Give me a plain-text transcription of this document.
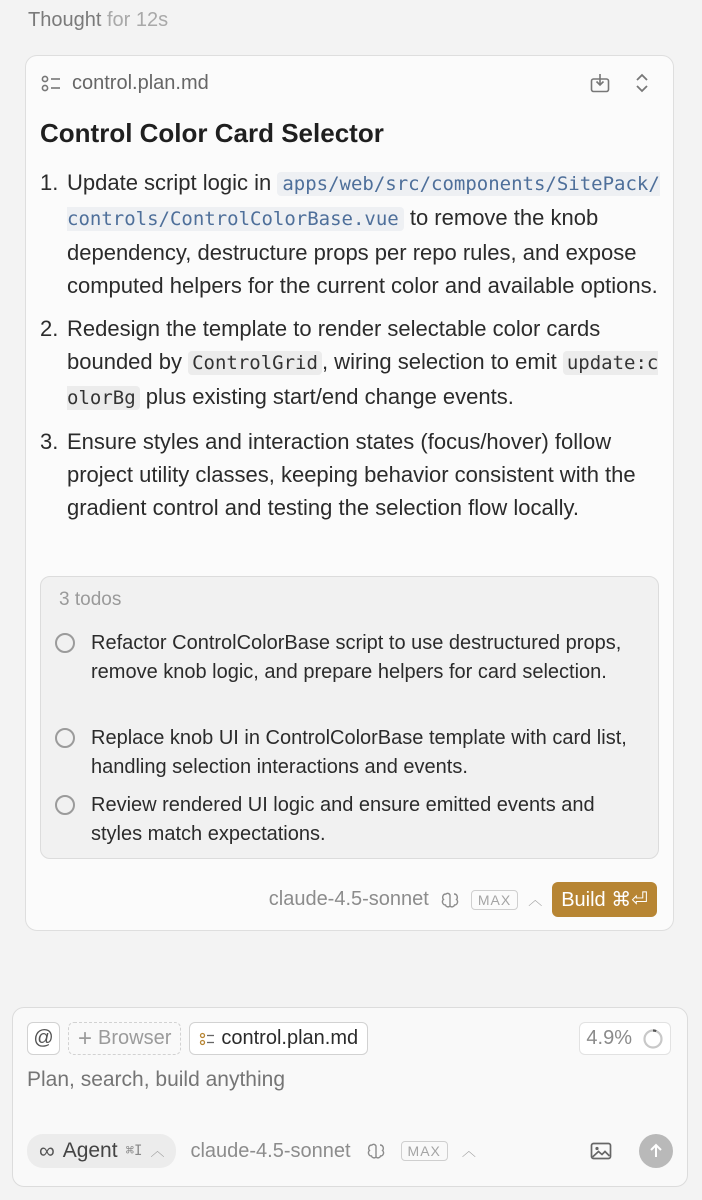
Thought for 12s
control.plan.md
Control Color Card Selector
1. Update script logic in apps/web/src/components/SitePack/controls/ControlColorBase.vue to remove the knob dependency, destructure props per repo rules, and expose computed helpers for the current color and available options.
2. Redesign the template to render selectable color cards bounded by ControlGrid , wiring selection to emit update:colorBg plus existing start/end change events.
3. Ensure styles and interaction states (focus/hover) follow project utility classes, keeping behavior consistent with the gradient control and testing the selection flow locally.
3 todos
Refactor ControlColorBase script to use destructured props, remove knob logic, and prepare helpers for card selection.
Replace knob UI in ControlColorBase template with card list, handling selection interactions and events.
Review rendered UI logic and ensure emitted events and styles match expectations.
claude-4.5-sonnet	MAX	︿ Build ⌘⏎
@ + Browser	control.plan.md	4.9%
Plan, search, build anything
∞ Agent ⌘I ︿ claude-4.5-sonnet	MAX	︿
